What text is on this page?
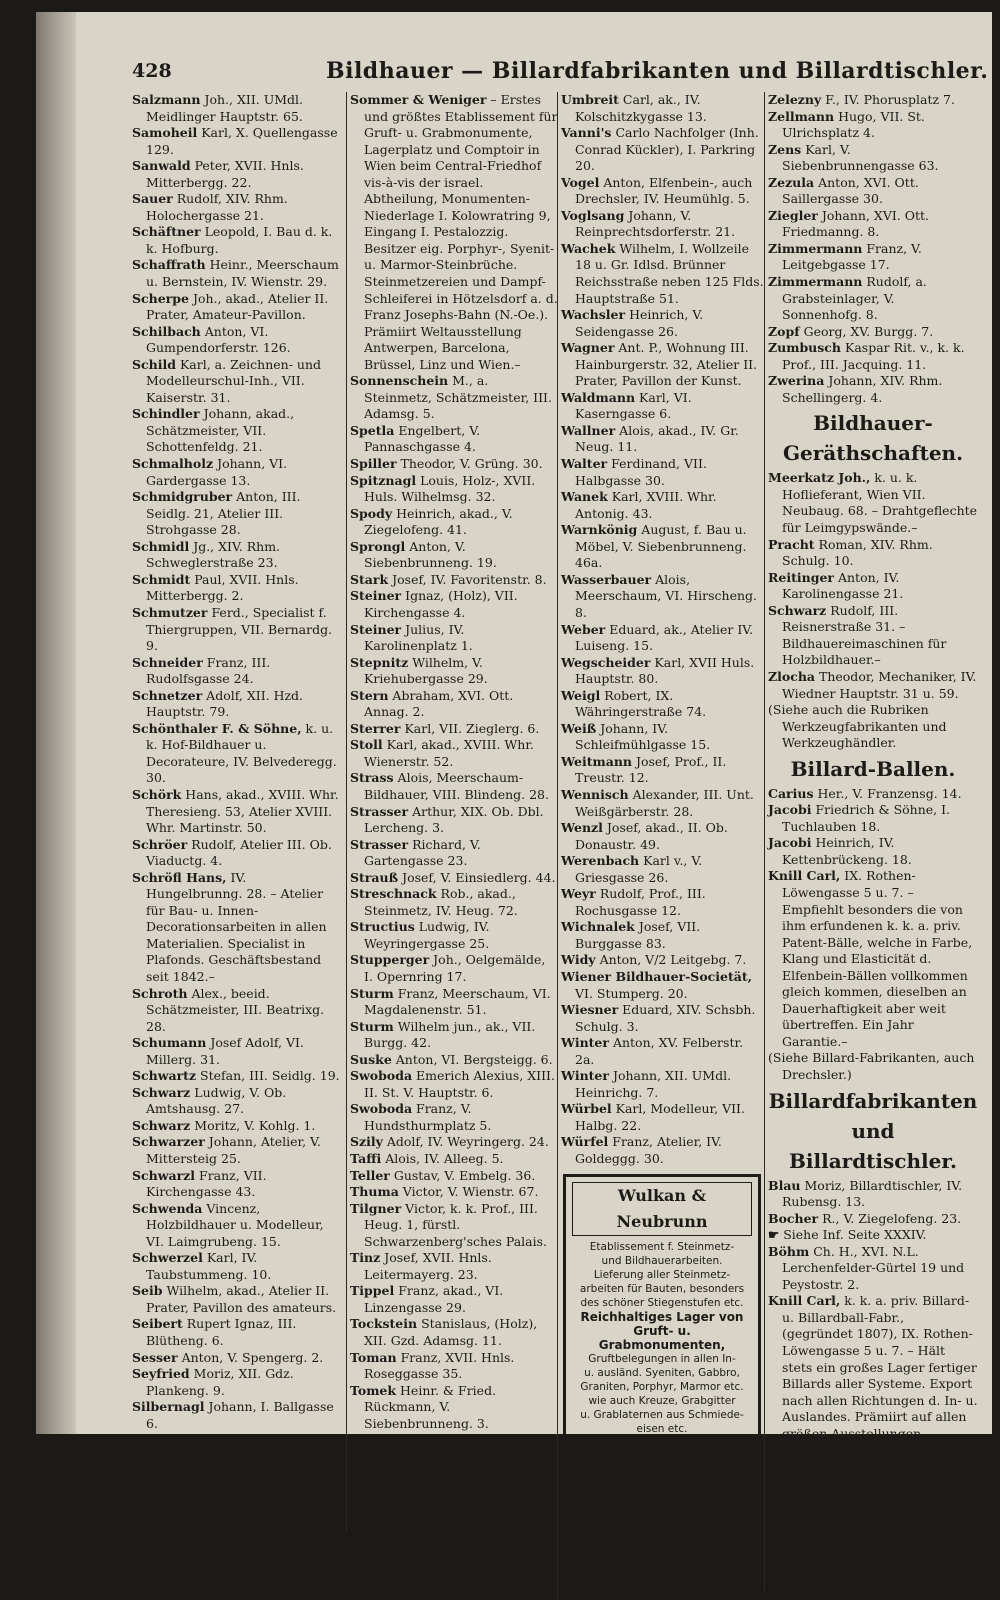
428	Bildhauer — Billardfabrikanten und Billardtischler.
Salzmann Joh., XII. UMdl. Meidlinger Hauptstr. 65.
Samoheil Karl, X. Quellengasse 129.
Sanwald Peter, XVII. Hnls. Mitterbergg. 22.
Sauer Rudolf, XIV. Rhm. Holochergasse 21.
Schäftner Leopold, I. Bau d. k. k. Hofburg.
Schaffrath Heinr., Meerschaum u. Bernstein, IV. Wienstr. 29.
Scherpe Joh., akad., Atelier II. Prater, Amateur-Pavillon.
Schilbach Anton, VI. Gumpendorferstr. 126.
Schild Karl, a. Zeichnen- und Modelleurschul-Inh., VII. Kaiserstr. 31.
Schindler Johann, akad., Schätzmeister, VII. Schottenfeldg. 21.
Schmalholz Johann, VI. Gardergasse 13.
Schmidgruber Anton, III. Seidlg. 21, Atelier III. Strohgasse 28.
Schmidl Jg., XIV. Rhm. Schweglerstraße 23.
Schmidt Paul, XVII. Hnls. Mitterbergg. 2.
Schmutzer Ferd., Specialist f. Thiergruppen, VII. Bernardg. 9.
Schneider Franz, III. Rudolfsgasse 24.
Schnetzer Adolf, XII. Hzd. Hauptstr. 79.
Schönthaler F. & Söhne, k. u. k. Hof-Bildhauer u. Decorateure, IV. Belvederegg. 30.
Schörk Hans, akad., XVIII. Whr. Theresieng. 53, Atelier XVIII. Whr. Martinstr. 50.
Schröer Rudolf, Atelier III. Ob. Viaductg. 4.
Schröfl Hans, IV. Hungelbrunng. 28. – Atelier für Bau- u. Innen-Decorationsarbeiten in allen Materialien. Specialist in Plafonds. Geschäftsbestand seit 1842.–
Schroth Alex., beeid. Schätzmeister, III. Beatrixg. 28.
Schumann Josef Adolf, VI. Millerg. 31.
Schwartz Stefan, III. Seidlg. 19.
Schwarz Ludwig, V. Ob. Amtshausg. 27.
Schwarz Moritz, V. Kohlg. 1.
Schwarzer Johann, Atelier, V. Mittersteig 25.
Schwarzl Franz, VII. Kirchengasse 43.
Schwenda Vincenz, Holzbildhauer u. Modelleur, VI. Laimgrubeng. 15.
Schwerzel Karl, IV. Taubstummeng. 10.
Seib Wilhelm, akad., Atelier II. Prater, Pavillon des amateurs.
Seibert Rupert Ignaz, III. Blütheng. 6.
Sesser Anton, V. Spengerg. 2.
Seyfried Moriz, XII. Gdz. Plankeng. 9.
Silbernagl Johann, I. Ballgasse 6.
Sinzinger Ernst, XVIII. Whr. Kreuzg. 74.
Slach Anton, V. Unt. Bräuhausgasse 48.
Slanetz Franz, Atelier, IV. Weyringerg. 24.
Sodoma Ferd., Prof., VII. Sigmundsg. 10.
Sohm Gebhart, X. Quelleng. 145.
Sommer & Weniger – Erstes und größtes Etablissement für Gruft- u. Grabmonumente, Lagerplatz und Comptoir in Wien beim Central-Friedhof vis-à-vis der israel. Abtheilung, Monumenten-Niederlage I. Kolowratring 9, Eingang I. Pestalozzig. Besitzer eig. Porphyr-, Syenit- u. Marmor-Steinbrüche. Steinmetzereien und Dampf-Schleiferei in Hötzelsdorf a. d. Franz Josephs-Bahn (N.-Oe.). Prämiirt Weltausstellung Antwerpen, Barcelona, Brüssel, Linz und Wien.–
Sonnenschein M., a. Steinmetz, Schätzmeister, III. Adamsg. 5.
Spetla Engelbert, V. Pannaschgasse 4.
Spiller Theodor, V. Grüng. 30.
Spitznagl Louis, Holz-, XVII. Huls. Wilhelmsg. 32.
Spody Heinrich, akad., V. Ziegelofeng. 41.
Sprongl Anton, V. Siebenbrunneng. 19.
Stark Josef, IV. Favoritenstr. 8.
Steiner Ignaz, (Holz), VII. Kirchengasse 4.
Steiner Julius, IV. Karolinenplatz 1.
Stepnitz Wilhelm, V. Kriehubergasse 29.
Stern Abraham, XVI. Ott. Annag. 2.
Sterrer Karl, VII. Zieglerg. 6.
Stoll Karl, akad., XVIII. Whr. Wienerstr. 52.
Strass Alois, Meerschaum-Bildhauer, VIII. Blindeng. 28.
Strasser Arthur, XIX. Ob. Dbl. Lercheng. 3.
Strasser Richard, V. Gartengasse 23.
Strauß Josef, V. Einsiedlerg. 44.
Streschnack Rob., akad., Steinmetz, IV. Heug. 72.
Structius Ludwig, IV. Weyringergasse 25.
Stupperger Joh., Oelgemälde, I. Opernring 17.
Sturm Franz, Meerschaum, VI. Magdalenenstr. 51.
Sturm Wilhelm jun., ak., VII. Burgg. 42.
Suske Anton, VI. Bergsteigg. 6.
Swoboda Emerich Alexius, XIII. II. St. V. Hauptstr. 6.
Swoboda Franz, V. Hundsthurmplatz 5.
Szily Adolf, IV. Weyringerg. 24.
Taffi Alois, IV. Alleeg. 5.
Teller Gustav, V. Embelg. 36.
Thuma Victor, V. Wienstr. 67.
Tilgner Victor, k. k. Prof., III. Heug. 1, fürstl. Schwarzenberg'sches Palais.
Tinz Josef, XVII. Hnls. Leitermayerg. 23.
Tippel Franz, akad., VI. Linzengasse 29.
Tockstein Stanislaus, (Holz), XII. Gzd. Adamsg. 11.
Toman Franz, XVII. Hnls. Roseggasse 35.
Tomek Heinr. & Fried. Rückmann, V. Siebenbrunneng. 3.
Trenker Johann, XII. Wnz. Pfarrg. 20.
Trimmel Paul, XVI. N.L. Rödlgasse 15.
Tronchetti Gustav & Alois, V. Rampersdorfg. 14.
Umbreit Carl, ak., IV. Kolschitzkygasse 13.
Vanni's Carlo Nachfolger (Inh. Conrad Kückler), I. Parkring 20.
Vogel Anton, Elfenbein-, auch Drechsler, IV. Heumühlg. 5.
Voglsang Johann, V. Reinprechtsdorferstr. 21.
Wachek Wilhelm, I. Wollzeile 18 u. Gr. Idlsd. Brünner Reichsstraße neben 125 Flds. Hauptstraße 51.
Wachsler Heinrich, V. Seidengasse 26.
Wagner Ant. P., Wohnung III. Hainburgerstr. 32, Atelier II. Prater, Pavillon der Kunst.
Waldmann Karl, VI. Kaserngasse 6.
Wallner Alois, akad., IV. Gr. Neug. 11.
Walter Ferdinand, VII. Halbgasse 30.
Wanek Karl, XVIII. Whr. Antonig. 43.
Warnkönig August, f. Bau u. Möbel, V. Siebenbrunneng. 46a.
Wasserbauer Alois, Meerschaum, VI. Hirscheng. 8.
Weber Eduard, ak., Atelier IV. Luiseng. 15.
Wegscheider Karl, XVII Huls. Hauptstr. 80.
Weigl Robert, IX. Währingerstraße 74.
Weiß Johann, IV. Schleifmühlgasse 15.
Weitmann Josef, Prof., II. Treustr. 12.
Wennisch Alexander, III. Unt. Weißgärberstr. 28.
Wenzl Josef, akad., II. Ob. Donaustr. 49.
Werenbach Karl v., V. Griesgasse 26.
Weyr Rudolf, Prof., III. Rochusgasse 12.
Wichnalek Josef, VII. Burggasse 83.
Widy Anton, V/2 Leitgebg. 7.
Wiener Bildhauer-Societät, VI. Stumperg. 20.
Wiesner Eduard, XIV. Schsbh. Schulg. 3.
Winter Anton, XV. Felberstr. 2a.
Winter Johann, XII. UMdl. Heinrichg. 7.
Würbel Karl, Modelleur, VII. Halbg. 22.
Würfel Franz, Atelier, IV. Goldeggg. 30.
Wulkan & Neubrunn
Etablissement f. Steinmetz-
und Bildhauerarbeiten.
Lieferung aller Steinmetz-
arbeiten für Bauten, besonders
des schöner Stiegenstufen etc.
Reichhaltiges Lager von
Gruft- u. Grabmonumenten,
Gruftbelegungen in allen In-
u. ausländ. Syeniten, Gabbro,
Graniten, Porphyr, Marmor etc.
wie auch Kreuze, Grabgitter
u. Grablaternen aus Schmiede-
eisen etc.
Wien XI/1 Ausser der
St. Marxer-Linie.
(Anfang der Simmeringer Hauptstrasse.)
Postsparcassen-Conto 826,030.
Zajradnik Franz, akad., III. Am Heumarkt 9.
Zdobinsky Christian, Meerschaum-, V. Wehrg. 31.
Zelezny F., IV. Phorusplatz 7.
Zellmann Hugo, VII. St. Ulrichsplatz 4.
Zens Karl, V. Siebenbrunnengasse 63.
Zezula Anton, XVI. Ott. Saillergasse 30.
Ziegler Johann, XVI. Ott. Friedmanng. 8.
Zimmermann Franz, V. Leitgebgasse 17.
Zimmermann Rudolf, a. Grabsteinlager, V. Sonnenhofg. 8.
Zopf Georg, XV. Burgg. 7.
Zumbusch Kaspar Rit. v., k. k. Prof., III. Jacquing. 11.
Zwerina Johann, XIV. Rhm. Schellingerg. 4.
Bildhauer-Geräthschaften.
Meerkatz Joh., k. u. k. Hoflieferant, Wien VII. Neubaug. 68. – Drahtgeflechte für Leimgypswände.–
Pracht Roman, XIV. Rhm. Schulg. 10.
Reitinger Anton, IV. Karolinengasse 21.
Schwarz Rudolf, III. Reisnerstraße 31. – Bildhauereimaschinen für Holzbildhauer.–
Zlocha Theodor, Mechaniker, IV. Wiedner Hauptstr. 31 u. 59.
(Siehe auch die Rubriken Werkzeugfabrikanten und Werkzeughändler.
Billard-Ballen.
Carius Her., V. Franzensg. 14.
Jacobi Friedrich & Söhne, I. Tuchlauben 18.
Jacobi Heinrich, IV. Kettenbrückeng. 18.
Knill Carl, IX. Rothen-Löwengasse 5 u. 7. – Empfiehlt besonders die von ihm erfundenen k. k. a. priv. Patent-Bälle, welche in Farbe, Klang und Elasticität d. Elfenbein-Bällen vollkommen gleich kommen, dieselben an Dauerhaftigkeit aber weit übertreffen. Ein Jahr Garantie.–
(Siehe Billard-Fabrikanten, auch Drechsler.)
Billardfabrikanten und Billardtischler.
Blau Moriz, Billardtischler, IV. Rubensg. 13.
Bocher R., V. Ziegelofeng. 23.
☛ Siehe Inf. Seite XXXIV.
Böhm Ch. H., XVI. N.L. Lerchenfelder-Gürtel 19 und Peystostr. 2.
Knill Carl, k. k. a. priv. Billard- u. Billardball-Fabr., (gegründet 1807), IX. Rothen-Löwengasse 5 u. 7. – Hält stets ein großes Lager fertiger Billards aller Systeme. Export nach allen Richtungen d. In- u. Auslandes. Prämiirt auf allen größen Ausstellungen.–
Lichtenberg Johann, V. Gartengasse 23.
Oppelt Franz, VIII. Florianigasse 46.
Productiv-Genossenschaft für Möbel-, Bau- und Billardtischlerei, reg. Genoss. m. unbeschr. Haftung, V. Griesg. 30.
